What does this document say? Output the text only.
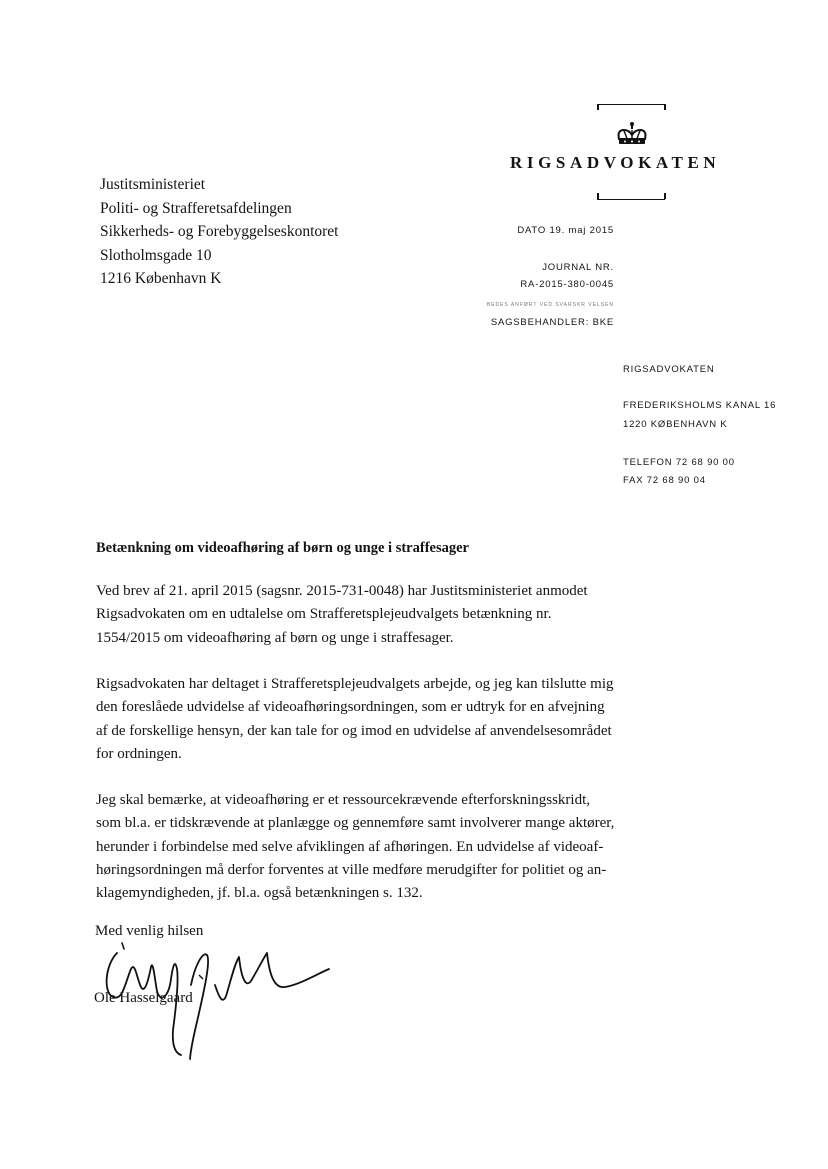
RIGSADVOKATEN
Justitsministeriet
Politi- og Strafferetsafdelingen
Sikkerheds- og Forebyggelseskontoret
Slotholmsgade 10
1216 København K
DATO 19. maj 2015
JOURNAL NR.
RA-2015-380-0045
BEDES ANFØRT VED SVARSKR VELSEN
SAGSBEHANDLER: BKE
RIGSADVOKATEN
FREDERIKSHOLMS KANAL 16
1220 KØBENHAVN K
TELEFON 72 68 90 00
FAX 72 68 90 04
Betænkning om videoafhøring af børn og unge i straffesager
Ved brev af 21. april 2015 (sagsnr. 2015-731-0048) har Justitsministeriet anmodet
Rigsadvokaten om en udtalelse om Strafferetsplejeudvalgets betænkning nr.
1554/2015 om videoafhøring af børn og unge i straffesager.
Rigsadvokaten har deltaget i Strafferetsplejeudvalgets arbejde, og jeg kan tilslutte mig
den foreslåede udvidelse af videoafhøringsordningen, som er udtryk for en afvejning
af de forskellige hensyn, der kan tale for og imod en udvidelse af anvendelsesområdet
for ordningen.
Jeg skal bemærke, at videoafhøring er et ressourcekrævende efterforskningsskridt,
som bl.a. er tidskrævende at planlægge og gennemføre samt involverer mange aktører,
herunder i forbindelse med selve afviklingen af afhøringen. En udvidelse af videoaf-
høringsordningen må derfor forventes at ville medføre merudgifter for politiet og an-
klagemyndigheden, jf. bl.a. også betænkningen s. 132.
Med venlig hilsen
Ole Hasselgaard
